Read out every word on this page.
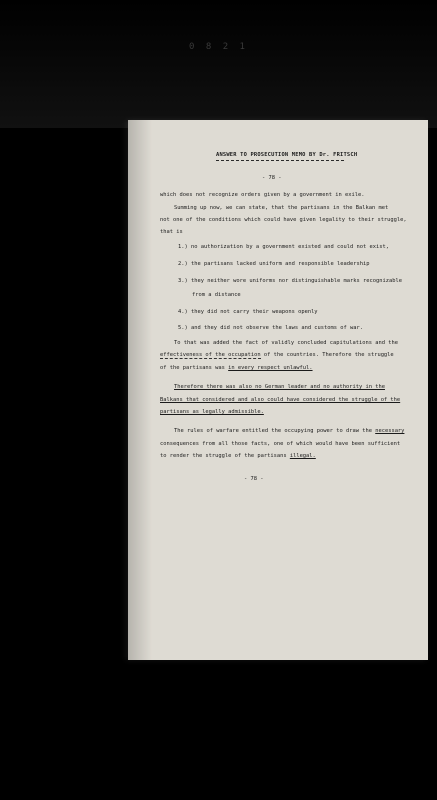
0 8 2 1
ANSWER TO PROSECUTION MEMO BY Dr. FRITSCH
- 78 -
which does not recognize orders given by a government in exile.
Summing up now, we can state, that the partisans in the Balkan met
not one of the conditions which could have given legality to their struggle,
that is
1.) no authorization by a government existed and could not exist,
2.) the partisans lacked uniform and responsible leadership
3.) they neither wore uniforms nor distinguishable marks recognizable
from a distance
4.) they did not carry their weapons openly
5.) and they did not observe the laws and customs of war.
To that was added the fact of validly concluded capitulations and the
effectiveness of the occupation of the countries. Therefore the struggle
of the partisans was in every respect unlawful.
Therefore there was also no German leader and no authority in the
Balkans that considered and also could have considered the struggle of the
partisans as legally admissible.
The rules of warfare entitled the occupying power to draw the necessary
consequences from all those facts, one of which would have been sufficient
to render the struggle of the partisans illegal.
- 78 -
